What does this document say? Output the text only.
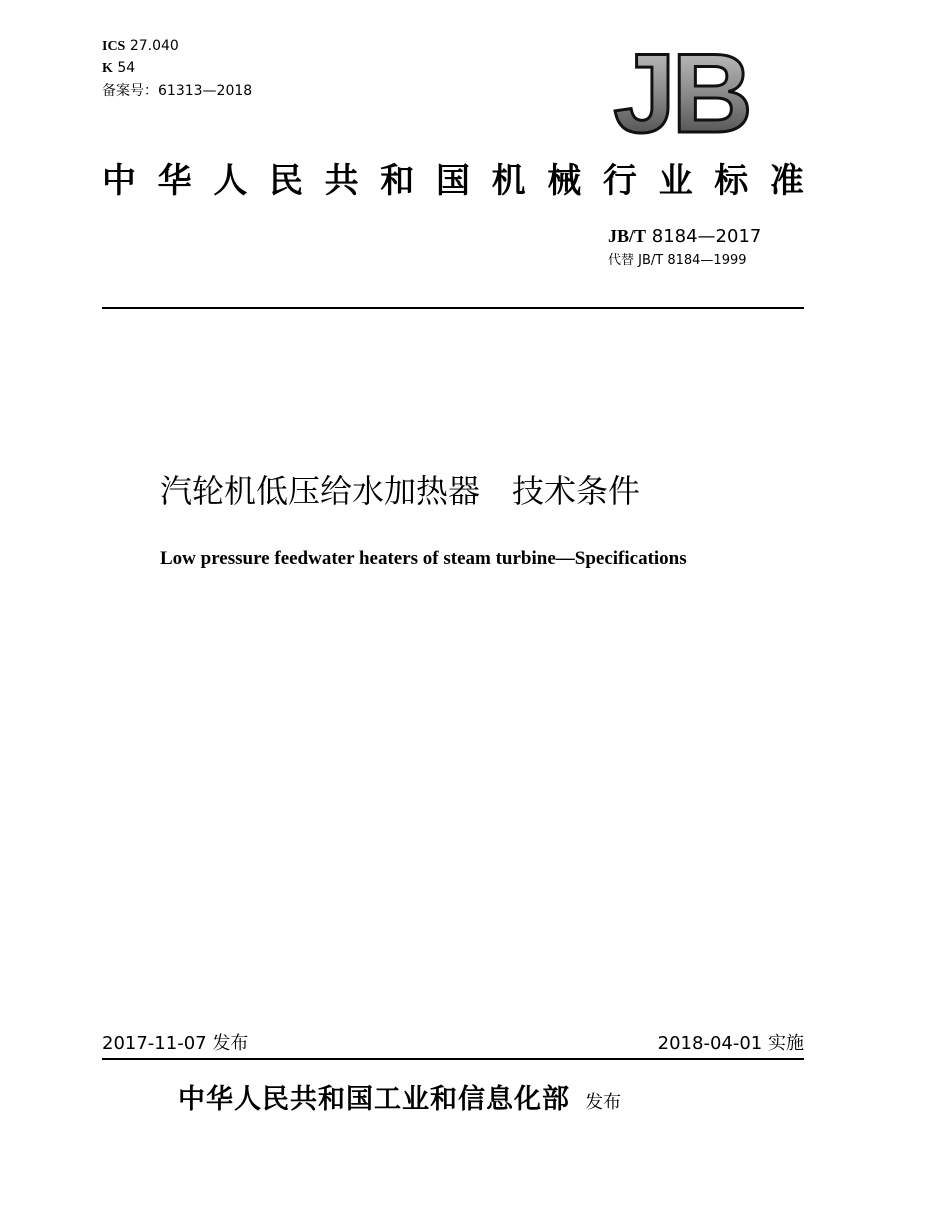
ICS 27.040
K 54
备案号：61313—2018	JB
中 华 人 民 共 和 国 机 械 行 业 标 准
JB/T 8184—2017
代替 JB/T 8184—1999
汽轮机低压给水加热器　技术条件
Low pressure feedwater heaters of steam turbine—Specifications
2017-11-07 发布	2018-04-01 实施
中华人民共和国工业和信息化部 发布
